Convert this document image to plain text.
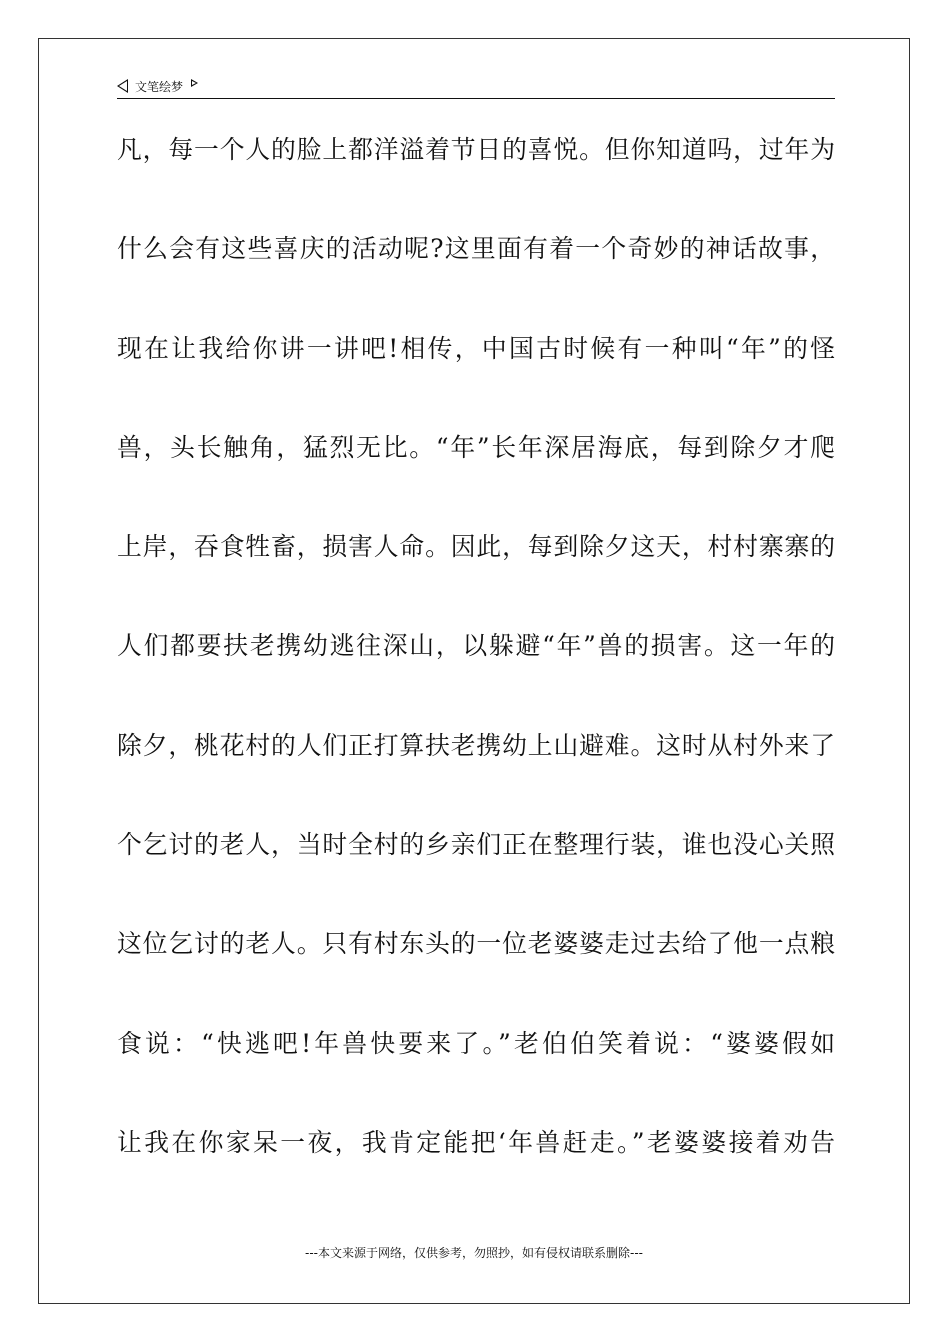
文笔绘梦
凡，每一个人的脸上都洋溢着节日的喜悦。但你知道吗，过年为
什么会有这些喜庆的活动呢?这里面有着一个奇妙的神话故事，
现在让我给你讲一讲吧!相传，中国古时候有一种叫“年”的怪
兽，头长触角，猛烈无比。“年”长年深居海底，每到除夕才爬
上岸，吞食牲畜，损害人命。因此，每到除夕这天，村村寨寨的
人们都要扶老携幼逃往深山，以躲避“年”兽的损害。这一年的
除夕，桃花村的人们正打算扶老携幼上山避难。这时从村外来了
个乞讨的老人，当时全村的乡亲们正在整理行装，谁也没心关照
这位乞讨的老人。只有村东头的一位老婆婆走过去给了他一点粮
食说：“快逃吧!年兽快要来了。”老伯伯笑着说：“婆婆假如
让我在你家呆一夜，我肯定能把‘年兽赶走。”老婆婆接着劝告
---本文来源于网络，仅供参考，勿照抄，如有侵权请联系删除---
